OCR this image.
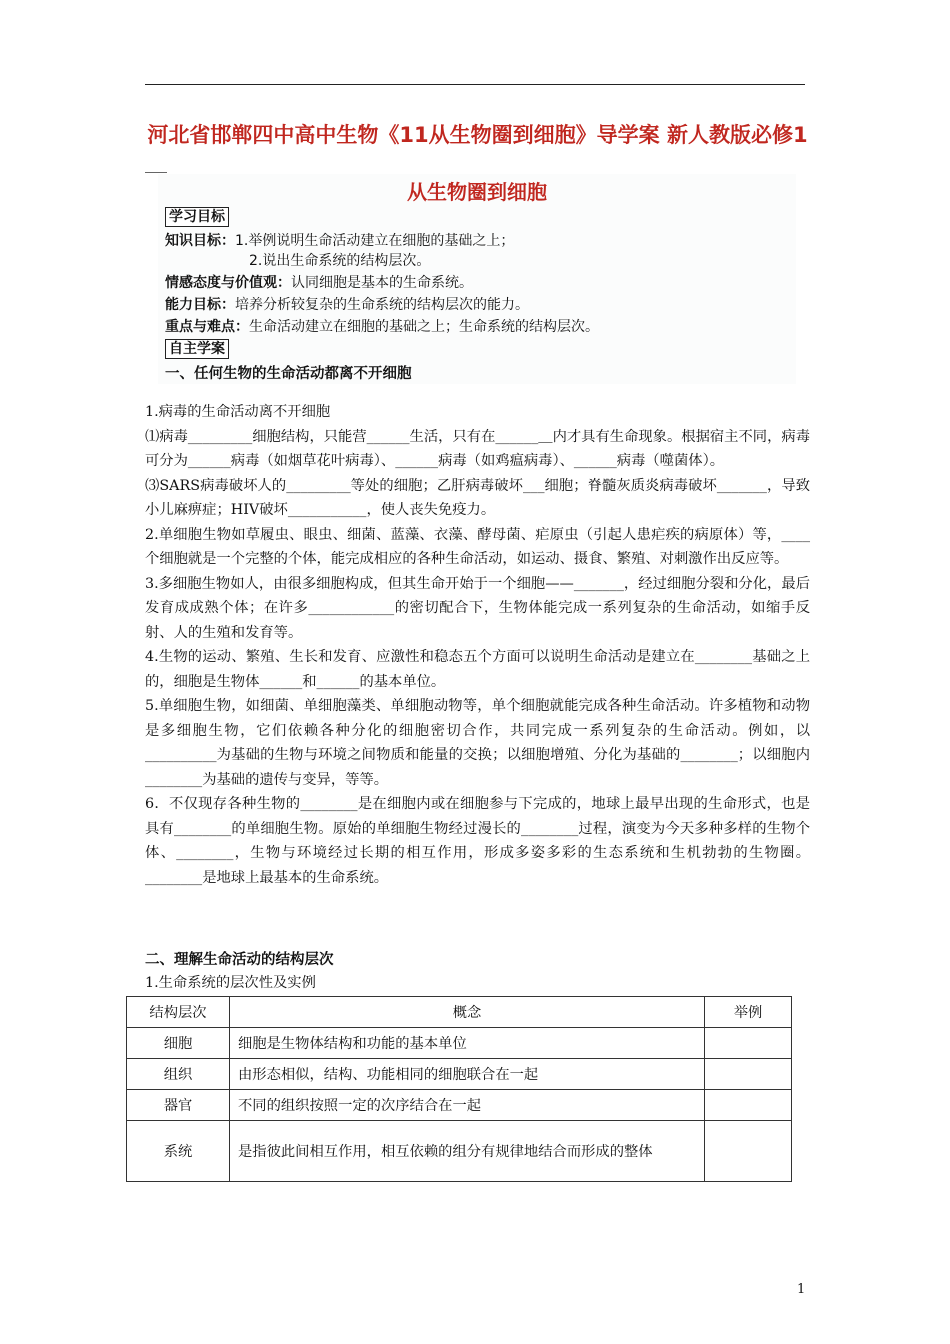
河北省邯郸四中高中生物《11从生物圈到细胞》导学案 新人教版必修1
从生物圈到细胞
学习目标
知识目标：1.举例说明生命活动建立在细胞的基础之上；
2.说出生命系统的结构层次。
情感态度与价值观：认同细胞是基本的生命系统。
能力目标：培养分析较复杂的生命系统的结构层次的能力。
重点与难点：生命活动建立在细胞的基础之上；生命系统的结构层次。
自主学案
一、任何生物的生命活动都离不开细胞

1.病毒的生命活动离不开细胞

⑴病毒_________细胞结构，只能营______生活，只有在______＿内才具有生命现象。根据宿主不同，病毒可分为______病毒（如烟草花叶病毒）、______病毒（如鸡瘟病毒）、______病毒（噬菌体）。

⑶SARS病毒破坏人的_________等处的细胞；乙肝病毒破坏___细胞；脊髓灰质炎病毒破坏_______，导致小儿麻痹症；HIV破坏___________，使人丧失免疫力。

2.单细胞生物如草履虫、眼虫、细菌、蓝藻、衣藻、酵母菌、疟原虫（引起人患疟疾的病原体）等，____个细胞就是一个完整的个体，能完成相应的各种生命活动，如运动、摄食、繁殖、对刺激作出反应等。

3.多细胞生物如人，由很多细胞构成，但其生命开始于一个细胞——_______，经过细胞分裂和分化，最后发育成成熟个体；在许多____________的密切配合下，生物体能完成一系列复杂的生命活动，如缩手反射、人的生殖和发育等。

4.生物的运动、繁殖、生长和发育、应激性和稳态五个方面可以说明生命活动是建立在________基础之上的，细胞是生物体______和______的基本单位。

5.单细胞生物，如细菌、单细胞藻类、单细胞动物等，单个细胞就能完成各种生命活动。许多植物和动物是多细胞生物，它们依赖各种分化的细胞密切合作，共同完成一系列复杂的生命活动。例如，以__________为基础的生物与环境之间物质和能量的交换；以细胞增殖、分化为基础的________；以细胞内________为基础的遗传与变异，等等。

6．不仅现存各种生物的________是在细胞内或在细胞参与下完成的，地球上最早出现的生命形式，也是具有________的单细胞生物。原始的单细胞生物经过漫长的________过程，演变为今天多种多样的生物个体、________，生物与环境经过长期的相互作用，形成多姿多彩的生态系统和生机勃勃的生物圈。________是地球上最基本的生命系统。

二、理解生命活动的结构层次
1.生命系统的层次性及实例
结构层次	概念	举例
细胞	细胞是生物体结构和功能的基本单位	
组织	由形态相似，结构、功能相同的细胞联合在一起	
器官	不同的组织按照一定的次序结合在一起	
系统	是指彼此间相互作用，相互依赖的组分有规律地结合而形成的整体	
1
